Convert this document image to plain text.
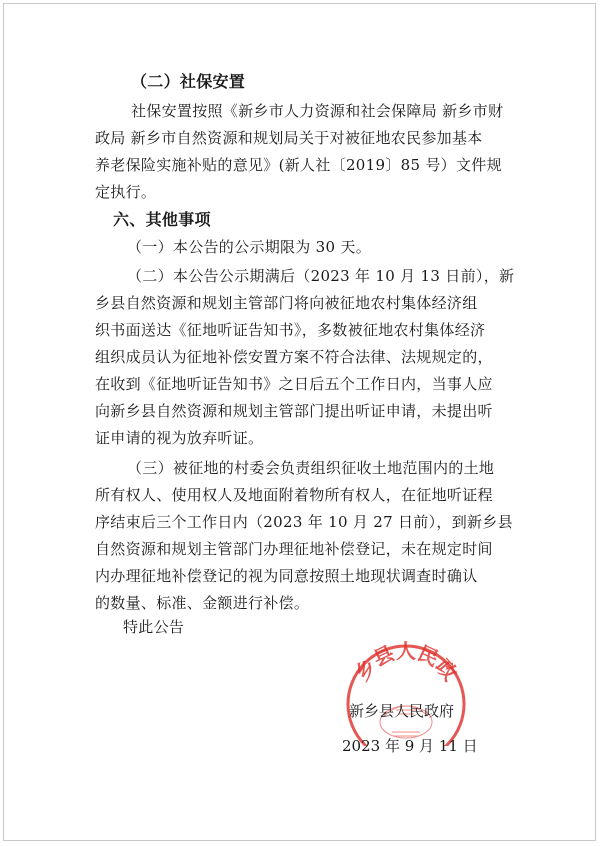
（二）社保安置
社保安置按照《新乡市人力资源和社会保障局 新乡市财
政局 新乡市自然资源和规划局关于对被征地农民参加基本
养老保险实施补贴的意见》(新人社〔2019〕85 号）文件规
定执行。
六、其他事项
（一）本公告的公示期限为 30 天。
（二）本公告公示期满后（2023 年 10 月 13 日前），新
乡县自然资源和规划主管部门将向被征地农村集体经济组
织书面送达《征地听证告知书》，多数被征地农村集体经济
组织成员认为征地补偿安置方案不符合法律、法规规定的，
在收到《征地听证告知书》之日后五个工作日内，当事人应
向新乡县自然资源和规划主管部门提出听证申请，未提出听
证申请的视为放弃听证。
（三）被征地的村委会负责组织征收土地范围内的土地
所有权人、使用权人及地面附着物所有权人，在征地听证程
序结束后三个工作日内（2023 年 10 月 27 日前），到新乡县
自然资源和规划主管部门办理征地补偿登记，未在规定时间
内办理征地补偿登记的视为同意按照土地现状调查时确认
的数量、标准、金额进行补偿。
特此公告
乡县人民政
新乡县人民政府
2023 年 9 月 11 日
